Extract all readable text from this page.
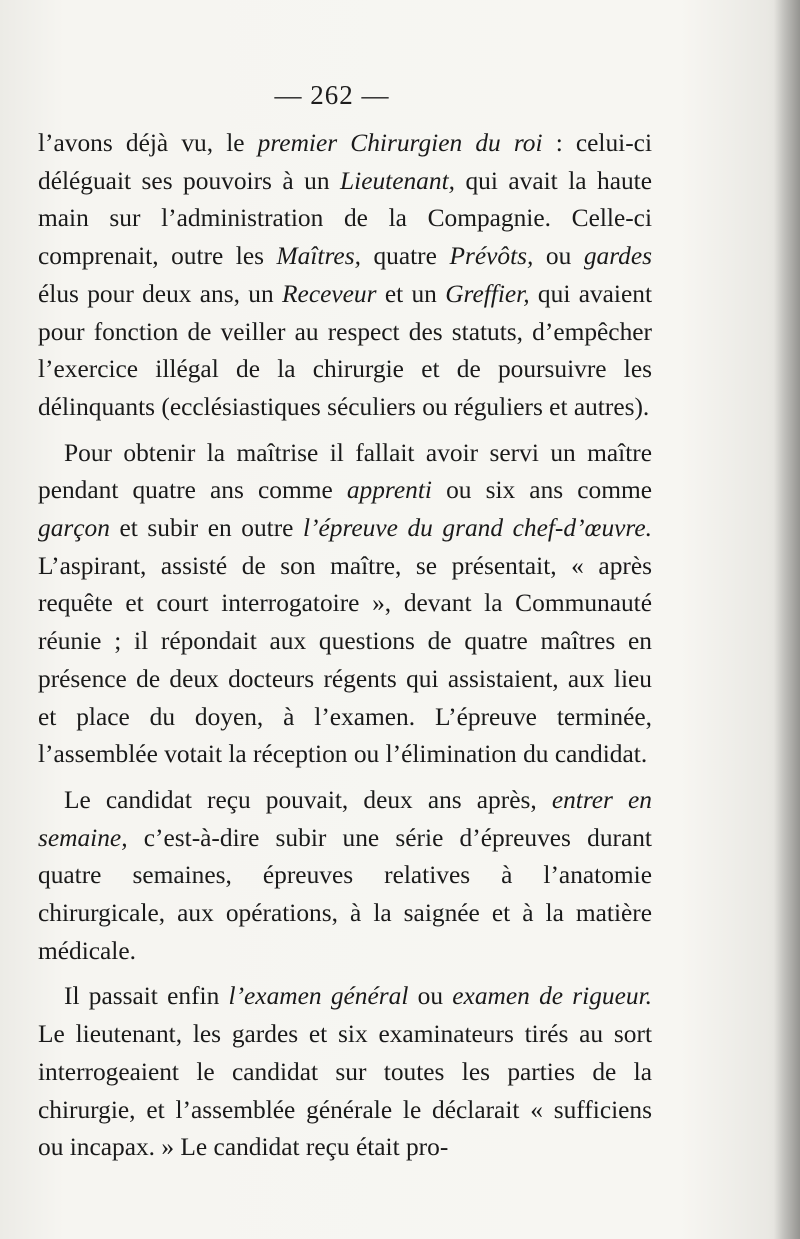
— 262 —

l’avons déjà vu, le premier Chirurgien du roi : celui-ci déléguait ses pouvoirs à un Lieutenant, qui avait la haute main sur l’administration de la Compagnie. Celle-ci comprenait, outre les Maîtres, quatre Prévôts, ou gardes élus pour deux ans, un Receveur et un Greffier, qui avaient pour fonction de veiller au respect des statuts, d’empêcher l’exercice illégal de la chirurgie et de poursuivre les délinquants (ecclésiastiques séculiers ou réguliers et autres).

Pour obtenir la maîtrise il fallait avoir servi un maître pendant quatre ans comme apprenti ou six ans comme garçon et subir en outre l’épreuve du grand chef-d’œuvre. L’aspirant, assisté de son maître, se présentait, « après requête et court interrogatoire », devant la Communauté réunie ; il répondait aux questions de quatre maîtres en présence de deux docteurs régents qui assistaient, aux lieu et place du doyen, à l’examen. L’épreuve terminée, l’assemblée votait la réception ou l’élimination du candidat.

Le candidat reçu pouvait, deux ans après, entrer en semaine, c’est-à-dire subir une série d’épreuves durant quatre semaines, épreuves relatives à l’anatomie chirurgicale, aux opérations, à la saignée et à la matière médicale.

Il passait enfin l’examen général ou examen de rigueur. Le lieutenant, les gardes et six examinateurs tirés au sort interrogeaient le candidat sur toutes les parties de la chirurgie, et l’assemblée générale le déclarait « sufficiens ou incapax. » Le candidat reçu était pro-
